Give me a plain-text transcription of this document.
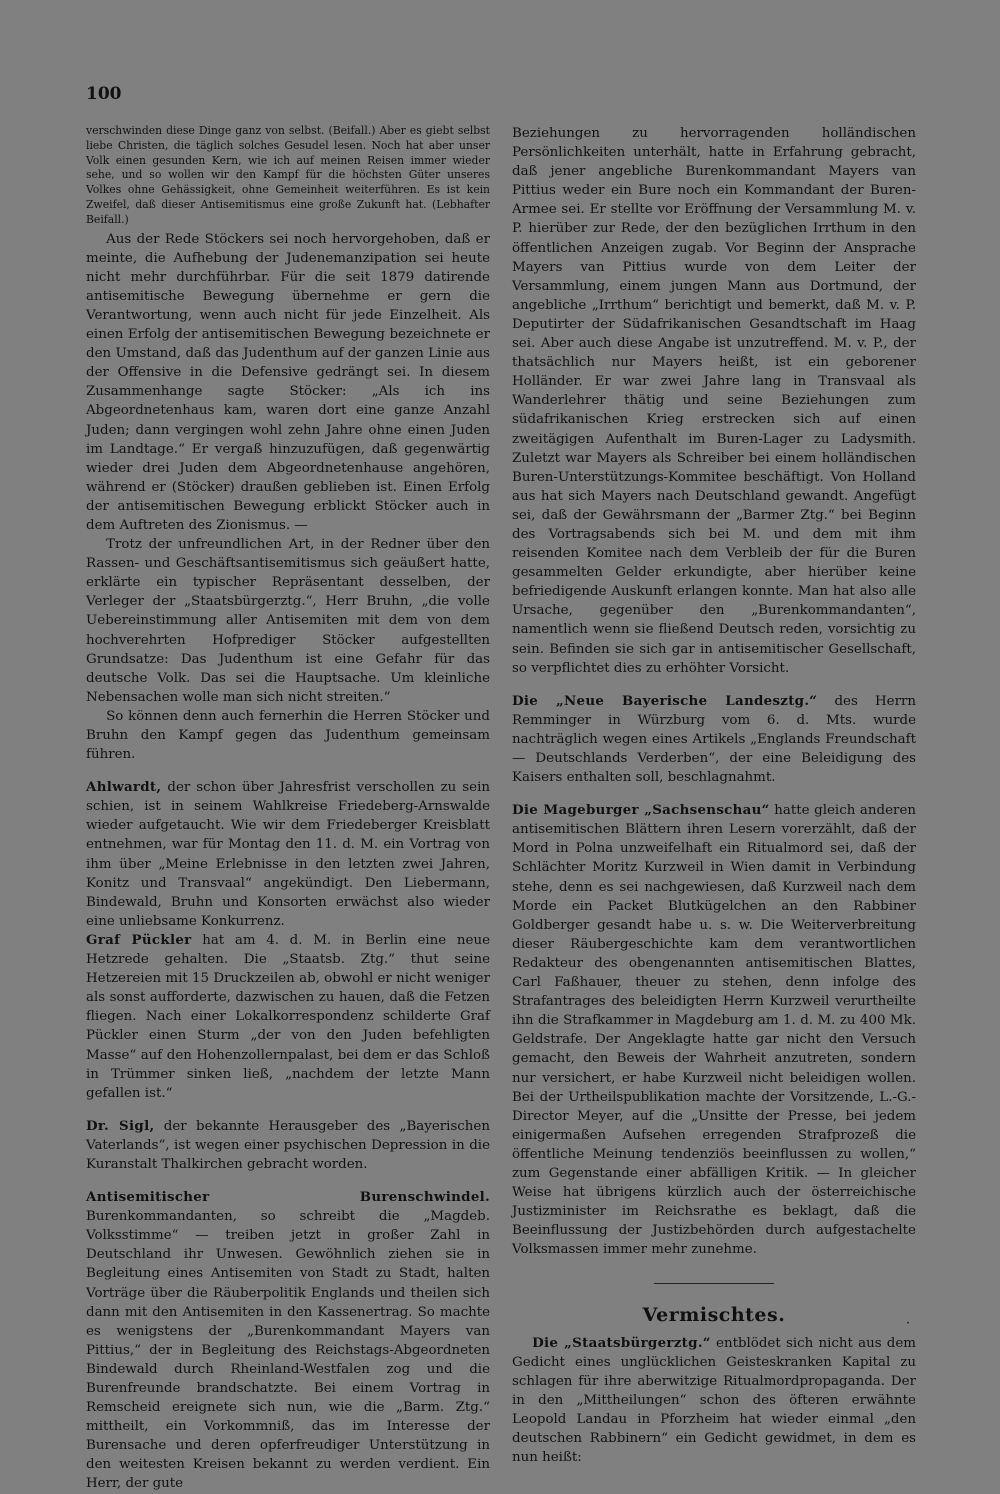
100

verschwinden diese Dinge ganz von selbst. (Beifall.) Aber es giebt selbst liebe Christen, die täglich solches Gesudel lesen. Noch hat aber unser Volk einen gesunden Kern, wie ich auf meinen Reisen immer wieder sehe, und so wollen wir den Kampf für die höchsten Güter unseres Volkes ohne Gehässigkeit, ohne Gemeinheit weiterführen. Es ist kein Zweifel, daß dieser Antisemitismus eine große Zukunft hat. (Lebhafter Beifall.)

Aus der Rede Stöckers sei noch hervorgehoben, daß er meinte, die Aufhebung der Judenemanzipation sei heute nicht mehr durchführbar. Für die seit 1879 datirende antisemitische Bewegung übernehme er gern die Verantwortung, wenn auch nicht für jede Einzelheit. Als einen Erfolg der antisemitischen Bewegung bezeichnete er den Umstand, daß das Judenthum auf der ganzen Linie aus der Offensive in die Defensive gedrängt sei. In diesem Zusammenhange sagte Stöcker: „Als ich ins Abgeordnetenhaus kam, waren dort eine ganze Anzahl Juden; dann vergingen wohl zehn Jahre ohne einen Juden im Landtage.“ Er vergaß hinzuzufügen, daß gegenwärtig wieder drei Juden dem Abgeordnetenhause angehören, während er (Stöcker) draußen geblieben ist. Einen Erfolg der antisemitischen Bewegung erblickt Stöcker auch in dem Auftreten des Zionismus. —

Trotz der unfreundlichen Art, in der Redner über den Rassen- und Geschäftsantisemitismus sich geäußert hatte, erklärte ein typischer Repräsentant desselben, der Verleger der „Staatsbürgerztg.“, Herr Bruhn, „die volle Uebereinstimmung aller Antisemiten mit dem von dem hochverehrten Hofprediger Stöcker aufgestellten Grundsatze: Das Judenthum ist eine Gefahr für das deutsche Volk. Das sei die Hauptsache. Um kleinliche Nebensachen wolle man sich nicht streiten.“

So können denn auch fernerhin die Herren Stöcker und Bruhn den Kampf gegen das Judenthum gemeinsam führen.

Ahlwardt, der schon über Jahresfrist verschollen zu sein schien, ist in seinem Wahlkreise Friedeberg-Arnswalde wieder aufgetaucht. Wie wir dem Friedeberger Kreisblatt entnehmen, war für Montag den 11. d. M. ein Vortrag von ihm über „Meine Erlebnisse in den letzten zwei Jahren, Konitz und Transvaal“ angekündigt. Den Liebermann, Bindewald, Bruhn und Konsorten erwächst also wieder eine unliebsame Konkurrenz.

Graf Pückler hat am 4. d. M. in Berlin eine neue Hetzrede gehalten. Die „Staatsb. Ztg.“ thut seine Hetzereien mit 15 Druckzeilen ab, obwohl er nicht weniger als sonst aufforderte, dazwischen zu hauen, daß die Fetzen fliegen. Nach einer Lokalkorrespondenz schilderte Graf Pückler einen Sturm „der von den Juden befehligten Masse“ auf den Hohenzollernpalast, bei dem er das Schloß in Trümmer sinken ließ, „nachdem der letzte Mann gefallen ist.“

Dr. Sigl, der bekannte Herausgeber des „Bayerischen Vaterlands“, ist wegen einer psychischen Depression in die Kuranstalt Thalkirchen gebracht worden.

Antisemitischer Burenschwindel. Burenkommandanten, so schreibt die „Magdeb. Volksstimme“ — treiben jetzt in großer Zahl in Deutschland ihr Unwesen. Gewöhnlich ziehen sie in Begleitung eines Antisemiten von Stadt zu Stadt, halten Vorträge über die Räuberpolitik Englands und theilen sich dann mit den Antisemiten in den Kassenertrag. So machte es wenigstens der „Burenkommandant Mayers van Pittius,“ der in Begleitung des Reichstags-Abgeordneten Bindewald durch Rheinland-Westfalen zog und die Burenfreunde brandschatzte. Bei einem Vortrag in Remscheid ereignete sich nun, wie die „Barm. Ztg.“ mittheilt, ein Vorkommniß, das im Interesse der Burensache und deren opferfreudiger Unterstützung in den weitesten Kreisen bekannt zu werden verdient. Ein Herr, der gute

Beziehungen zu hervorragenden holländischen Persönlichkeiten unterhält, hatte in Erfahrung gebracht, daß jener angebliche Burenkommandant Mayers van Pittius weder ein Bure noch ein Kommandant der Buren-Armee sei. Er stellte vor Eröffnung der Versammlung M. v. P. hierüber zur Rede, der den bezüglichen Irrthum in den öffentlichen Anzeigen zugab. Vor Beginn der Ansprache Mayers van Pittius wurde von dem Leiter der Versammlung, einem jungen Mann aus Dortmund, der angebliche „Irrthum“ berichtigt und bemerkt, daß M. v. P. Deputirter der Südafrikanischen Gesandtschaft im Haag sei. Aber auch diese Angabe ist unzutreffend. M. v. P., der thatsächlich nur Mayers heißt, ist ein geborener Holländer. Er war zwei Jahre lang in Transvaal als Wanderlehrer thätig und seine Beziehungen zum südafrikanischen Krieg erstrecken sich auf einen zweitägigen Aufenthalt im Buren-Lager zu Ladysmith. Zuletzt war Mayers als Schreiber bei einem holländischen Buren-Unterstützungs-Kommitee beschäftigt. Von Holland aus hat sich Mayers nach Deutschland gewandt. Angefügt sei, daß der Gewährsmann der „Barmer Ztg.“ bei Beginn des Vortragsabends sich bei M. und dem mit ihm reisenden Komitee nach dem Verbleib der für die Buren gesammelten Gelder erkundigte, aber hierüber keine befriedigende Auskunft erlangen konnte. Man hat also alle Ursache, gegenüber den „Burenkommandanten“, namentlich wenn sie fließend Deutsch reden, vorsichtig zu sein. Befinden sie sich gar in antisemitischer Gesellschaft, so verpflichtet dies zu erhöhter Vorsicht.

Die „Neue Bayerische Landesztg.“ des Herrn Remminger in Würzburg vom 6. d. Mts. wurde nachträglich wegen eines Artikels „Englands Freundschaft — Deutschlands Verderben“, der eine Beleidigung des Kaisers enthalten soll, beschlagnahmt.

Die Mageburger „Sachsenschau“ hatte gleich anderen antisemitischen Blättern ihren Lesern vorerzählt, daß der Mord in Polna unzweifelhaft ein Ritualmord sei, daß der Schlächter Moritz Kurzweil in Wien damit in Verbindung stehe, denn es sei nachgewiesen, daß Kurzweil nach dem Morde ein Packet Blutkügelchen an den Rabbiner Goldberger gesandt habe u. s. w. Die Weiterverbreitung dieser Räubergeschichte kam dem verantwortlichen Redakteur des obengenannten antisemitischen Blattes, Carl Faßhauer, theuer zu stehen, denn infolge des Strafantrages des beleidigten Herrn Kurzweil verurtheilte ihn die Strafkammer in Magdeburg am 1. d. M. zu 400 Mk. Geldstrafe. Der Angeklagte hatte gar nicht den Versuch gemacht, den Beweis der Wahrheit anzutreten, sondern nur versichert, er habe Kurzweil nicht beleidigen wollen. Bei der Urtheilspublikation machte der Vorsitzende, L.-G.-Director Meyer, auf die „Unsitte der Presse, bei jedem einigermaßen Aufsehen erregenden Strafprozeß die öffentliche Meinung tendenziös beeinflussen zu wollen,“ zum Gegenstande einer abfälligen Kritik. — In gleicher Weise hat übrigens kürzlich auch der österreichische Justizminister im Reichsrathe es beklagt, daß die Beeinflussung der Justizbehörden durch aufgestachelte Volksmassen immer mehr zunehme.

Vermischtes.	·

Die „Staatsbürgerztg.“ entblödet sich nicht aus dem Gedicht eines unglücklichen Geisteskranken Kapital zu schlagen für ihre aberwitzige Ritualmordpropaganda. Der in den „Mittheilungen“ schon des öfteren erwähnte Leopold Landau in Pforzheim hat wieder einmal „den deutschen Rabbinern“ ein Gedicht gewidmet, in dem es nun heißt:
